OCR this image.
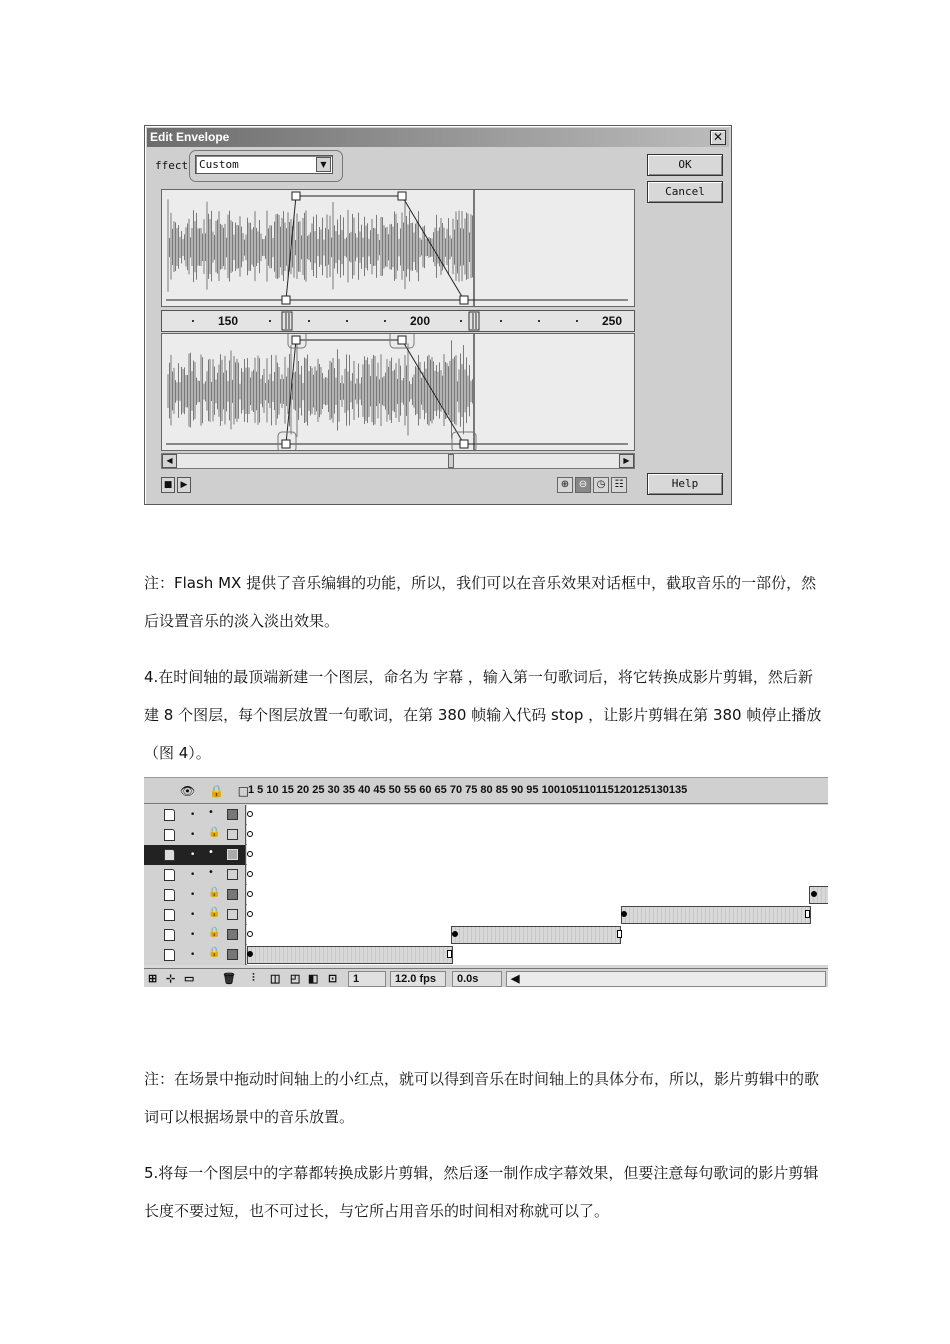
Edit Envelope	✕
ffect Custom	▼	OK
Cancel
150	200	250
◀	▶
■ ▶	⊕ ⊖ ◷ ☷	Help
注：Flash MX 提供了音乐编辑的功能，所以，我们可以在音乐效果对话框中，截取音乐的一部份，然后设置音乐的淡入淡出效果。
4.在时间轴的最顶端新建一个图层，命名为 字幕 ，输入第一句歌词后，将它转换成影片剪辑，然后新建 8 个图层，每个图层放置一句歌词，在第 380 帧输入代码 stop ，让影片剪辑在第 380 帧停止播放（图 4）。
👁 🔒 □
1 5 10 15 20 25 30 35 40 45 50 55 60 65 70 75 80 85 90 95 100105110115120125130135
• •
• 🔒
• •
• •
• 🔒
• 🔒
• 🔒
• 🔒
⊞ ⊹ ▭	🗑 ⫶ ◫ ◰ ◧ ⊡	1	12.0 fps	0.0s	◀
注：在场景中拖动时间轴上的小红点，就可以得到音乐在时间轴上的具体分布，所以，影片剪辑中的歌词可以根据场景中的音乐放置。
5.将每一个图层中的字幕都转换成影片剪辑，然后逐一制作成字幕效果，但要注意每句歌词的影片剪辑长度不要过短，也不可过长，与它所占用音乐的时间相对称就可以了。
